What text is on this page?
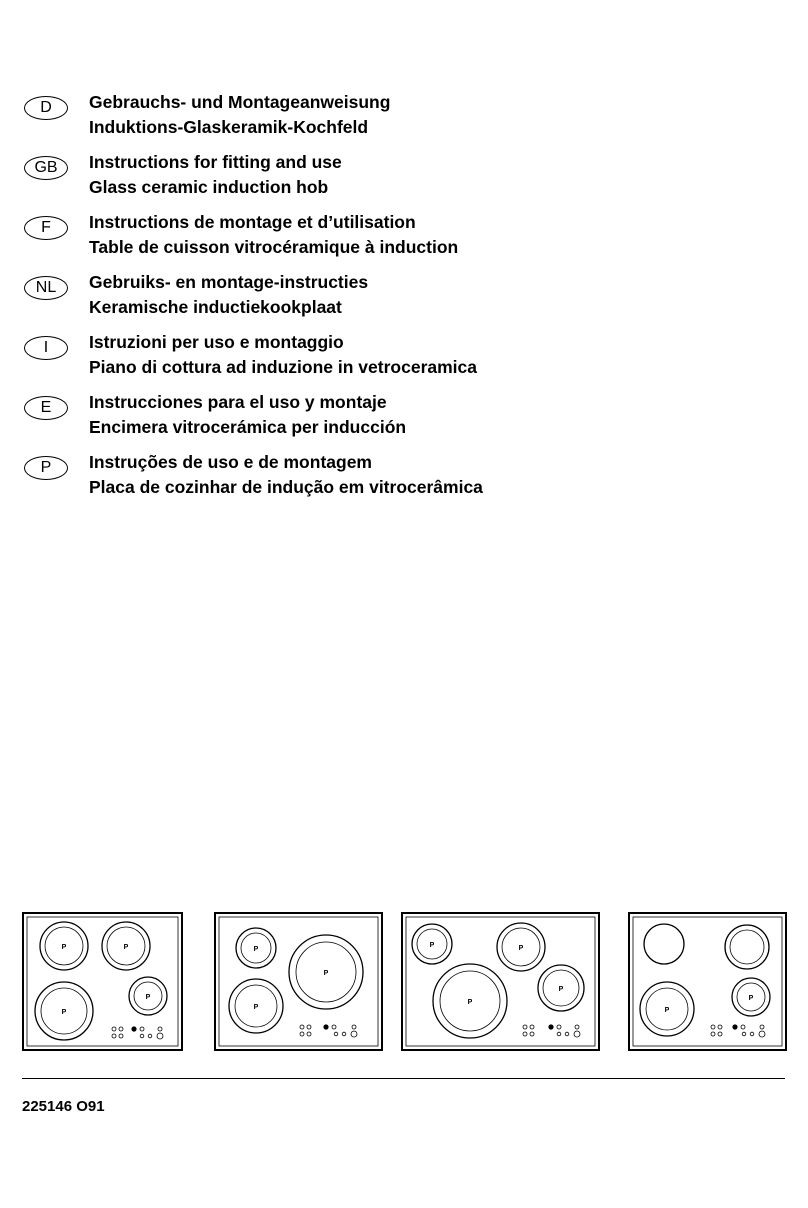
D	Gebrauchs- und Montageanweisung
Induktions-Glaskeramik-Kochfeld
GB	Instructions for fitting and use
Glass ceramic induction hob
F	Instructions de montage et d’utilisation
Table de cuisson vitrocéramique à induction
NL	Gebruiks- en montage-instructies
Keramische inductiekookplaat
I	Istruzioni per uso e montaggio
Piano di cottura ad induzione in vetroceramica
E	Instrucciones para el uso y montaje
Encimera vitrocerámica per inducción
P	Instruções de uso e de montagem
Placa de cozinhar de indução em vitrocerâmica
P	P
P
P
P
P
P
P	P
P
P
P
P
225146 O91
